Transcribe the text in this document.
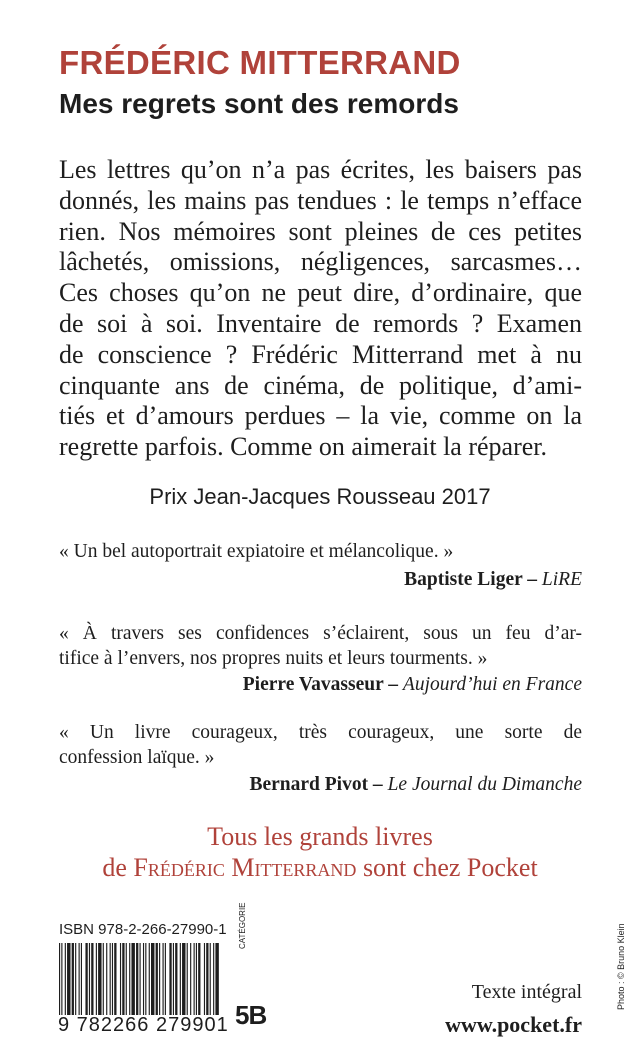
FRÉDÉRIC MITTERRAND
Mes regrets sont des remords
Les lettres qu’on n’a pas écrites, les baisers pas
donnés, les mains pas tendues : le temps n’efface
rien. Nos mémoires sont pleines de ces petites
lâchetés, omissions, négligences, sarcasmes…
Ces choses qu’on ne peut dire, d’ordinaire, que
de soi à soi. Inventaire de remords ? Examen
de conscience ? Frédéric Mitterrand met à nu
cinquante ans de cinéma, de politique, d’ami-
tiés et d’amours perdues – la vie, comme on la
regrette parfois. Comme on aimerait la réparer.
Prix Jean-Jacques Rousseau 2017
« Un bel autoportrait expiatoire et mélancolique. »
Baptiste Liger – LiRE
« À travers ses confidences s’éclairent, sous un feu d’ar-
tifice à l’envers, nos propres nuits et leurs tourments. »
Pierre Vavasseur – Aujourd’hui en France
« Un livre courageux, très courageux, une sorte de
confession laïque. »
Bernard Pivot – Le Journal du Dimanche
Tous les grands livres
de Frédéric Mitterrand sont chez Pocket
ISBN 978-2-266-27990-1
9 782266 279901
CATÉGORIE
5B
Texte intégral
www.pocket.fr
Photo : © Bruno Klein
